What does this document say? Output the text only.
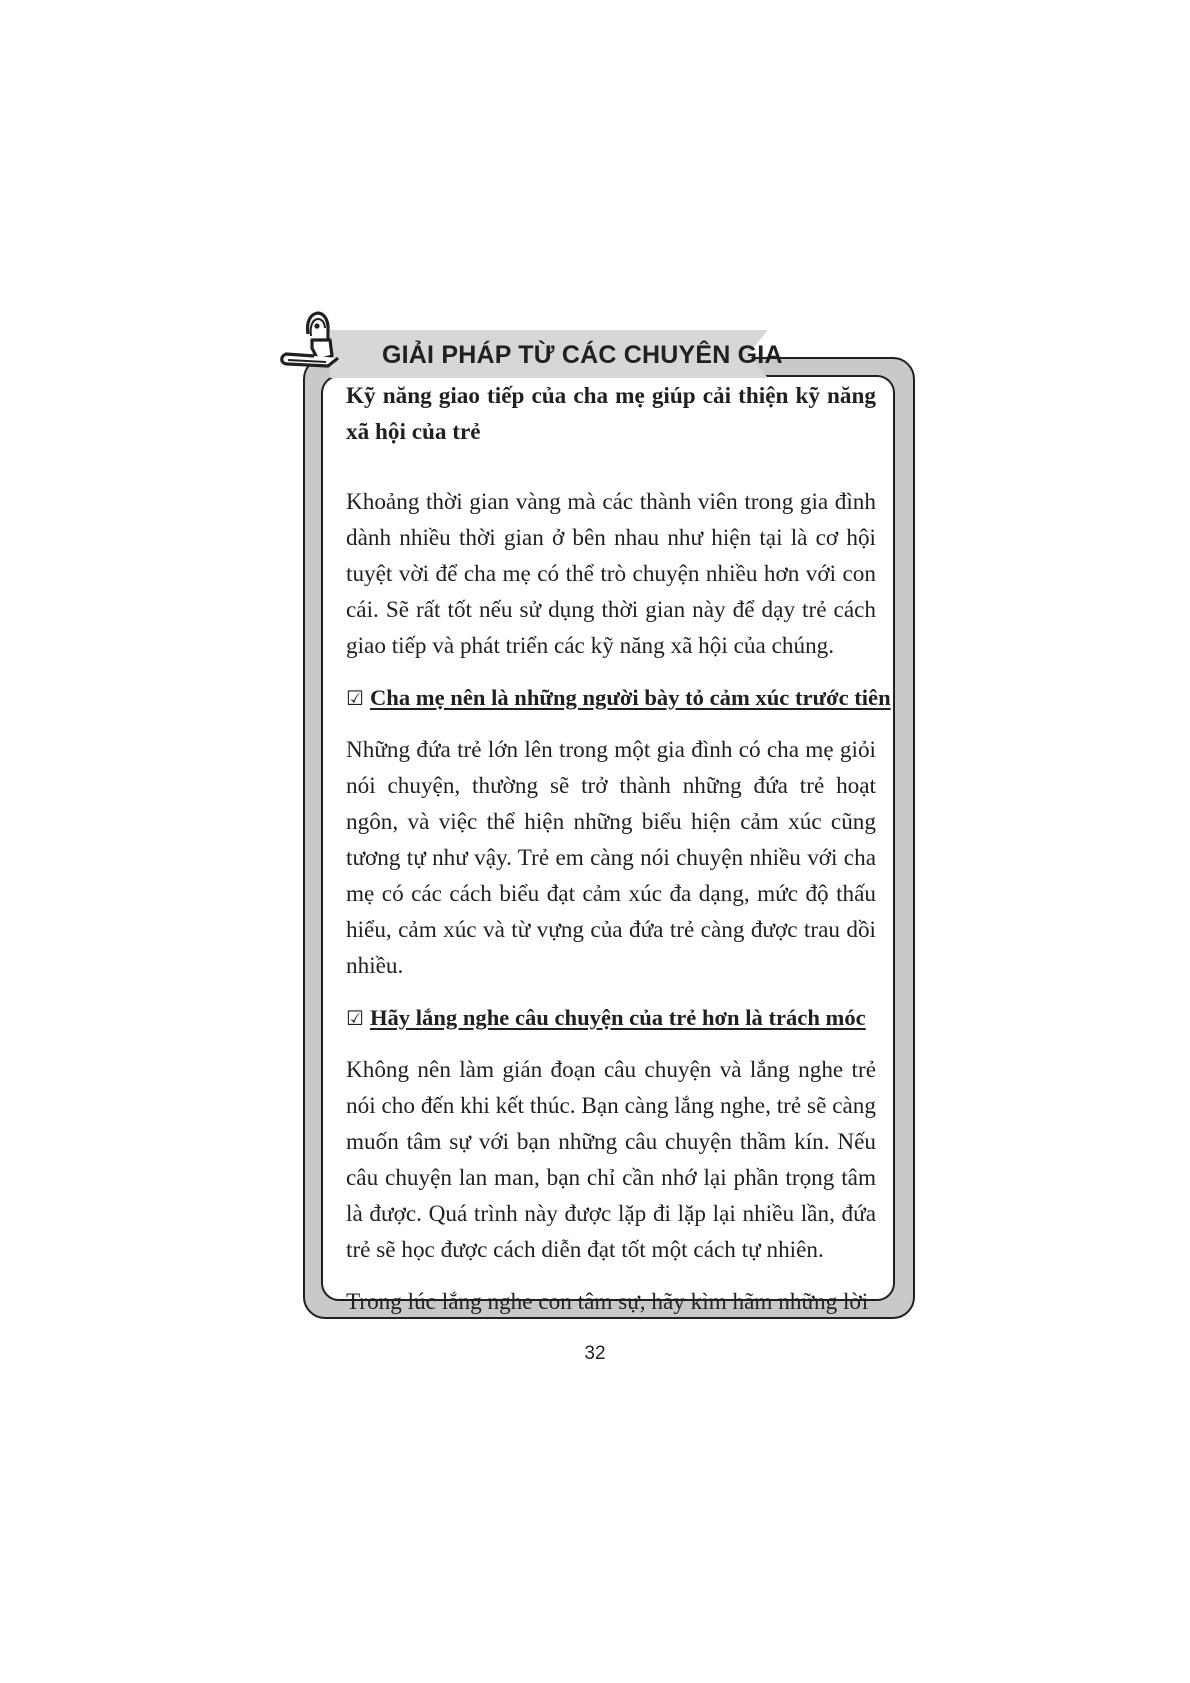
GIẢI PHÁP TỪ CÁC CHUYÊN GIA

Kỹ năng giao tiếp của cha mẹ giúp cải thiện kỹ năng xã hội của trẻ

Khoảng thời gian vàng mà các thành viên trong gia đình dành nhiều thời gian ở bên nhau như hiện tại là cơ hội tuyệt vời để cha mẹ có thể trò chuyện nhiều hơn với con cái. Sẽ rất tốt nếu sử dụng thời gian này để dạy trẻ cách giao tiếp và phát triển các kỹ năng xã hội của chúng.

☑ Cha mẹ nên là những người bày tỏ cảm xúc trước tiên

Những đứa trẻ lớn lên trong một gia đình có cha mẹ giỏi nói chuyện, thường sẽ trở thành những đứa trẻ hoạt ngôn, và việc thể hiện những biểu hiện cảm xúc cũng tương tự như vậy. Trẻ em càng nói chuyện nhiều với cha mẹ có các cách biểu đạt cảm xúc đa dạng, mức độ thấu hiểu, cảm xúc và từ vựng của đứa trẻ càng được trau dồi nhiều.

☑ Hãy lắng nghe câu chuyện của trẻ hơn là trách móc

Không nên làm gián đoạn câu chuyện và lắng nghe trẻ nói cho đến khi kết thúc. Bạn càng lắng nghe, trẻ sẽ càng muốn tâm sự với bạn những câu chuyện thầm kín. Nếu câu chuyện lan man, bạn chỉ cần nhớ lại phần trọng tâm là được. Quá trình này được lặp đi lặp lại nhiều lần, đứa trẻ sẽ học được cách diễn đạt tốt một cách tự nhiên.

Trong lúc lắng nghe con tâm sự, hãy kìm hãm những lời

32
